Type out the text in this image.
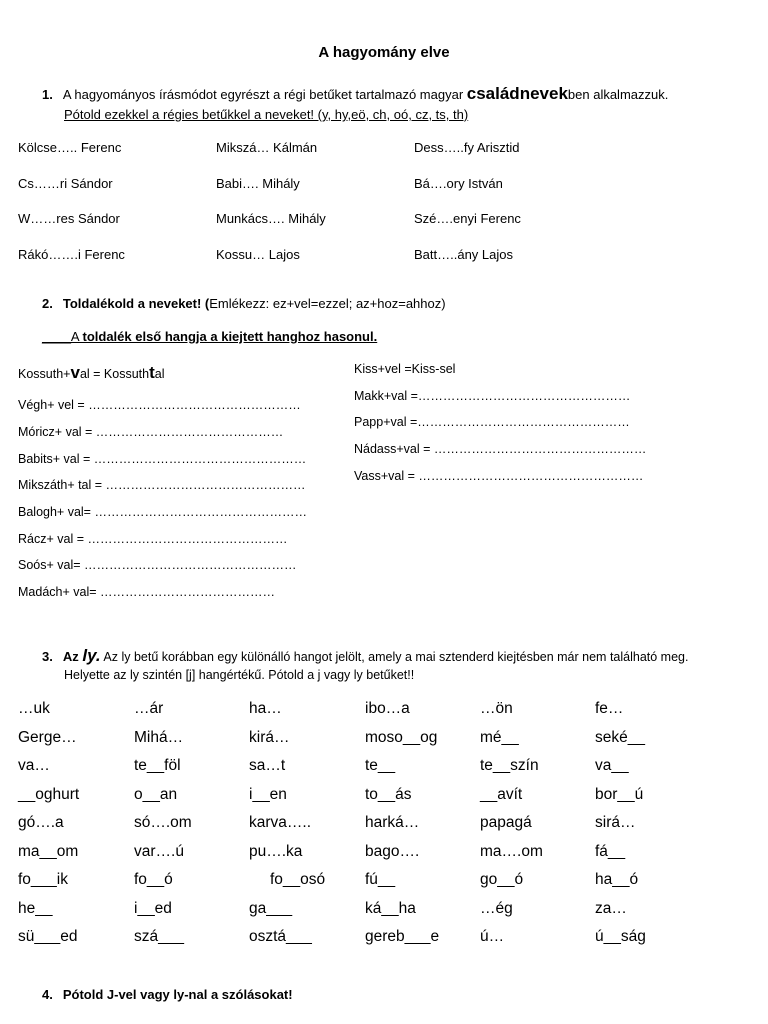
A hagyomány elve
1. A hagyományos írásmódot egyrészt a régi betűket tartalmazó magyar családnevekben alkalmazzuk.
Pótold ezekkel a régies betűkkel a neveket! (y, hy,eö, ch, oó, cz, ts, th)
Kölcse….. Ferenc	Mikszá… Kálmán	Dess…..fy Arisztid
Cs……ri Sándor	Babi…. Mihály	Bá….ory István
W……res Sándor	Munkács…. Mihály	Szé….enyi Ferenc
Rákó…….i Ferenc	Kossu… Lajos	Batt…..ány Lajos
2. Toldalékold a neveket! (Emlékezz: ez+vel=ezzel; az+hoz=ahhoz)
____A toldalék első hangja a kiejtett hanghoz hasonul.
Kossuth+val = Kossuthtal
Végh+ vel = ……………………………………………
Móricz+ val = ………………………………………
Babits+ val = ……………………………………………
Mikszáth+ tal = …………………………………………
Balogh+ val= ……………………………………………
Rácz+ val = …………………………………………
Soós+ val= ……………………………………………
Madách+ val= ……………………………………
Kiss+vel =Kiss-sel
Makk+val =……………………………………………
Papp+val =……………………………………………
Nádass+val = ……………………………………………
Vass+val = ………………………………………………
3. Az ly. Az ly betű korábban egy különálló hangot jelölt, amely a mai sztenderd kiejtésben már nem található meg.
Helyette az ly szintén [j] hangértékű. Pótold a j vagy ly betűket!!
…uk	…ár	ha…	ibo…a	…ön	fe…
Gerge…	Mihá…	kirá…	moso__og	mé__	seké__
va…	te__föl	sa…t	te__	te__szín	va__
__oghurt	o__an	i__en	to__ás	__avít	bor__ú
gó….a	só….om	karva…..	harká…	papagá	sirá…
ma__om	var….ú	pu….ka	bago….	ma….om	fá__
fo___ik	fo__ó	fo__osó	fú__	go__ó	ha__ó
he__	i__ed	ga___	ká__ha	…ég	za…
sü___ed	szá___	osztá___	gereb___e	ú…	ú__ság
4. Pótold J-vel vagy ly-nal a szólásokat!
